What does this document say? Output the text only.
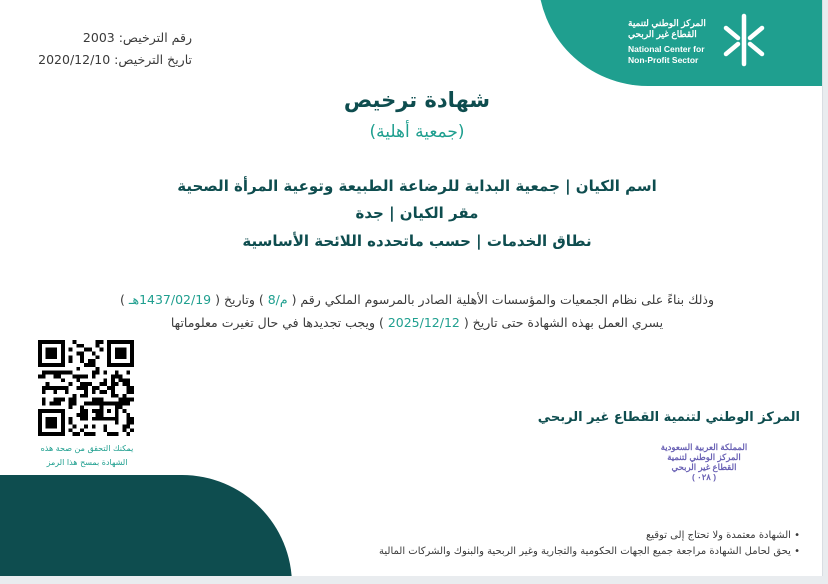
المركز الوطني لتنمية
القطاع غير الربحي
National Center for
Non-Profit Sector
رقم الترخيص: 2003
تاريخ الترخيص: 2020/12/10
شهادة ترخيص
(جمعية أهلية)
اسم الكيان | جمعية البداية للرضاعة الطبيعة وتوعية المرأة الصحية
مقر الكيان | جدة
نطاق الخدمات | حسب ماتحدده اللائحة الأساسية
وذلك بناءً على نظام الجمعيات والمؤسسات الأهلية الصادر بالمرسوم الملكي رقم ( م/8 ) وتاريخ ( 1437/02/19هـ )
يسري العمل بهذه الشهادة حتى تاريخ ( 2025/12/12 ) ويجب تجديدها في حال تغيرت معلوماتها
يمكنك التحقق من صحة هذه
الشهادة بمسح هذا الرمز
المركز الوطني لتنمية القطاع غير الربحي
المملكة العربية السعودية
المركز الوطني لتنمية
القطاع غير الربحي
( ٠٢٨ )
• الشهادة معتمدة ولا تحتاج إلى توقيع
• يحق لحامل الشهادة مراجعة جميع الجهات الحكومية والتجارية وغير الربحية والبنوك والشركات المالية
